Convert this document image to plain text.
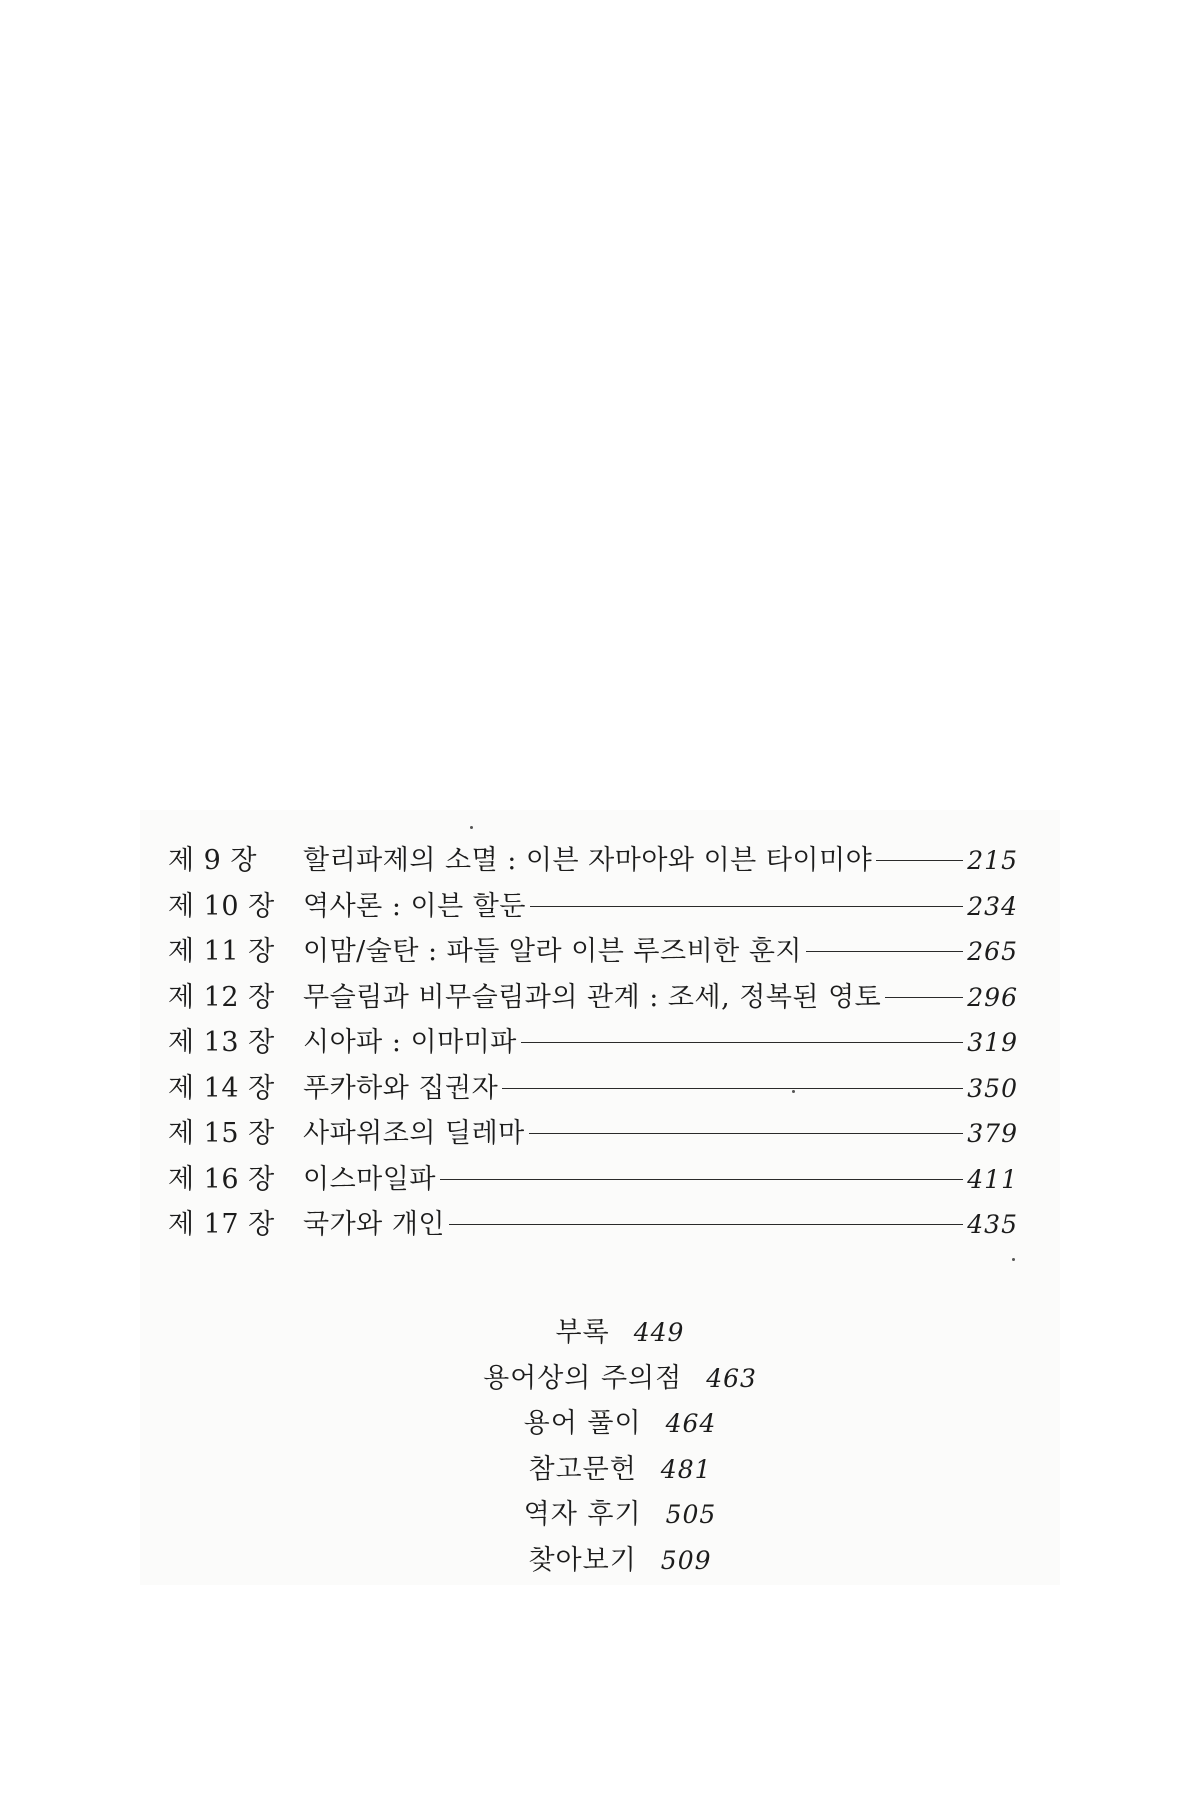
제 9 장	할리파제의 소멸 : 이븐 자마아와 이븐 타이미야	215
제 10 장	역사론 : 이븐 할둔	234
제 11 장	이맘/술탄 : 파들 알라 이븐 루즈비한 훈지	265
제 12 장	무슬림과 비무슬림과의 관계 : 조세, 정복된 영토	296
제 13 장	시아파 : 이마미파	319
제 14 장	푸카하와 집권자	350
제 15 장	사파위조의 딜레마	379
제 16 장	이스마일파	411
제 17 장	국가와 개인	435
부록 449
용어상의 주의점 463
용어 풀이 464
참고문헌 481
역자 후기 505
찾아보기 509
